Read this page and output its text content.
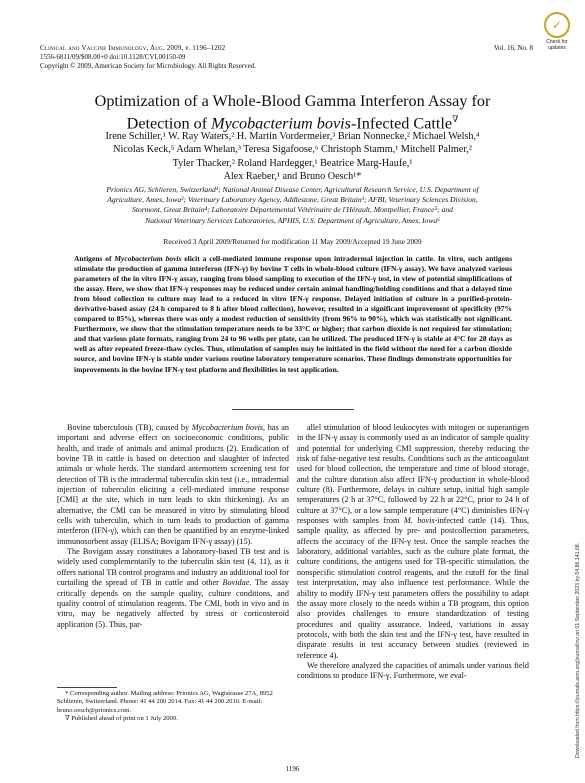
Clinical and Vaccine Immunology, Aug. 2009, p. 1196–1202
1556-6811/09/$08.00+0 doi:10.1128/CVI.00150-09
Copyright © 2009, American Society for Microbiology. All Rights Reserved.
Vol. 16, No. 8
✓
Check for
updates
Optimization of a Whole-Blood Gamma Interferon Assay for
Detection of Mycobacterium bovis-Infected Cattle∇
Irene Schiller,¹ W. Ray Waters,² H. Martin Vordermeier,³ Brian Nonnecke,² Michael Welsh,⁴
Nicolas Keck,⁵ Adam Whelan,³ Teresa Sigafoose,⁶ Christoph Stamm,¹ Mitchell Palmer,²
Tyler Thacker,² Roland Hardegger,¹ Beatrice Marg-Haufe,¹
Alex Raeber,¹ and Bruno Oesch¹*
Prionics AG, Schlieren, Switzerland¹; National Animal Disease Center, Agricultural Research Service, U.S. Department of
Agriculture, Ames, Iowa²; Veterinary Laboratory Agency, Addlestone, Great Britain³; AFBI, Veterinary Sciences Division,
Stormont, Great Britain⁴; Laboratoire Départemental Vétérinaire de l'Hérault, Montpellier, France⁵; and
National Veterinary Services Laboratories, APHIS, U.S. Department of Agriculture, Ames, Iowa⁶
Received 3 April 2009/Returned for modification 11 May 2009/Accepted 19 June 2009
Antigens of Mycobacterium bovis elicit a cell-mediated immune response upon intradermal injection in cattle. In vitro, such antigens stimulate the production of gamma interferon (IFN-γ) by bovine T cells in whole-blood culture (IFN-γ assay). We have analyzed various parameters of the in vitro IFN-γ assay, ranging from blood sampling to execution of the IFN-γ test, in view of potential simplifications of the assay. Here, we show that IFN-γ responses may be reduced under certain animal handling/holding conditions and that a delayed time from blood collection to culture may lead to a reduced in vitro IFN-γ response. Delayed initiation of culture in a purified-protein-derivative-based assay (24 h compared to 8 h after blood collection), however, resulted in a significant improvement of specificity (97% compared to 85%), whereas there was only a modest reduction of sensitivity (from 96% to 90%), which was statistically not significant. Furthermore, we show that the stimulation temperature needs to be 33°C or higher; that carbon dioxide is not required for stimulation; and that various plate formats, ranging from 24 to 96 wells per plate, can be utilized. The produced IFN-γ is stable at 4°C for 28 days as well as after repeated freeze-thaw cycles. Thus, stimulation of samples may be initiated in the field without the need for a carbon dioxide source, and bovine IFN-γ is stable under various routine laboratory temperature scenarios. These findings demonstrate opportunities for improvements in the bovine IFN-γ test platform and flexibilities in test application.

Bovine tuberculosis (TB), caused by Mycobacterium bovis, has an important and adverse effect on socioeconomic conditions, public health, and trade of animals and animal products (2). Eradication of bovine TB in cattle is based on detection and slaughter of infected animals or whole herds. The standard antemortem screening test for detection of TB is the intradermal tuberculin skin test (i.e., intradermal injection of tuberculin eliciting a cell-mediated immune response [CMI] at the site, which in turn leads to skin thickening). As an alternative, the CMI can be measured in vitro by stimulating blood cells with tuberculin, which in turn leads to production of gamma interferon (IFN-γ), which can then be quantified by an enzyme-linked immunosorbent assay (ELISA; Bovigam IFN-γ assay) (15).

The Bovigam assay constitutes a laboratory-based TB test and is widely used complementarily to the tuberculin skin test (4, 11), as it offers national TB control programs and industry an additional tool for curtailing the spread of TB in cattle and other Bovidae. The assay critically depends on the sample quality, culture conditions, and quality control of stimulation reagents. The CMI, both in vivo and in vitro, may be negatively affected by stress or corticosteroid application (5). Thus, par-

allel stimulation of blood leukocytes with mitogen or superantigen in the IFN-γ assay is commonly used as an indicator of sample quality and potential for underlying CMI suppression, thereby reducing the risk of false-negative test results. Conditions such as the anticoagulant used for blood collection, the temperature and time of blood storage, and the culture duration also affect IFN-γ production in whole-blood culture (8). Furthermore, delays in culture setup, initial high sample temperatures (2 h at 37°C, followed by 22 h at 22°C, prior to 24 h of culture at 37°C), or a low sample temperature (4°C) diminishes IFN-γ responses with samples from M. bovis-infected cattle (14). Thus, sample quality, as affected by pre- and postcollection parameters, affects the accuracy of the IFN-γ test. Once the sample reaches the laboratory, additional variables, such as the culture plate format, the culture conditions, the antigens used for TB-specific stimulation, the nonspecific stimulation control reagents, and the cutoff for the final test interpretation, may also influence test performance. While the ability to modify IFN-γ test parameters offers the possibility to adapt the assay more closely to the needs within a TB program, this option also provides challenges to ensure standardization of testing procedures and quality assurance. Indeed, variations in assay protocols, with both the skin test and the IFN-γ test, have resulted in disparate results in test accuracy between studies (reviewed in reference 4).

We therefore analyzed the capacities of animals under various field conditions to produce IFN-γ. Furthermore, we eval-

* Corresponding author. Mailing address: Prionics AG, Wagistrasse 27A, 8952 Schlieren, Switzerland. Phone: 41 44 200 2014. Fax: 41 44 200 2010. E-mail: bruno.oesch@prionics.com.

∇ Published ahead of print on 1 July 2009.

1196
Downloaded from https://journals.asm.org/journal/cvi on 01 September 2023 by 54.86.141.68.
